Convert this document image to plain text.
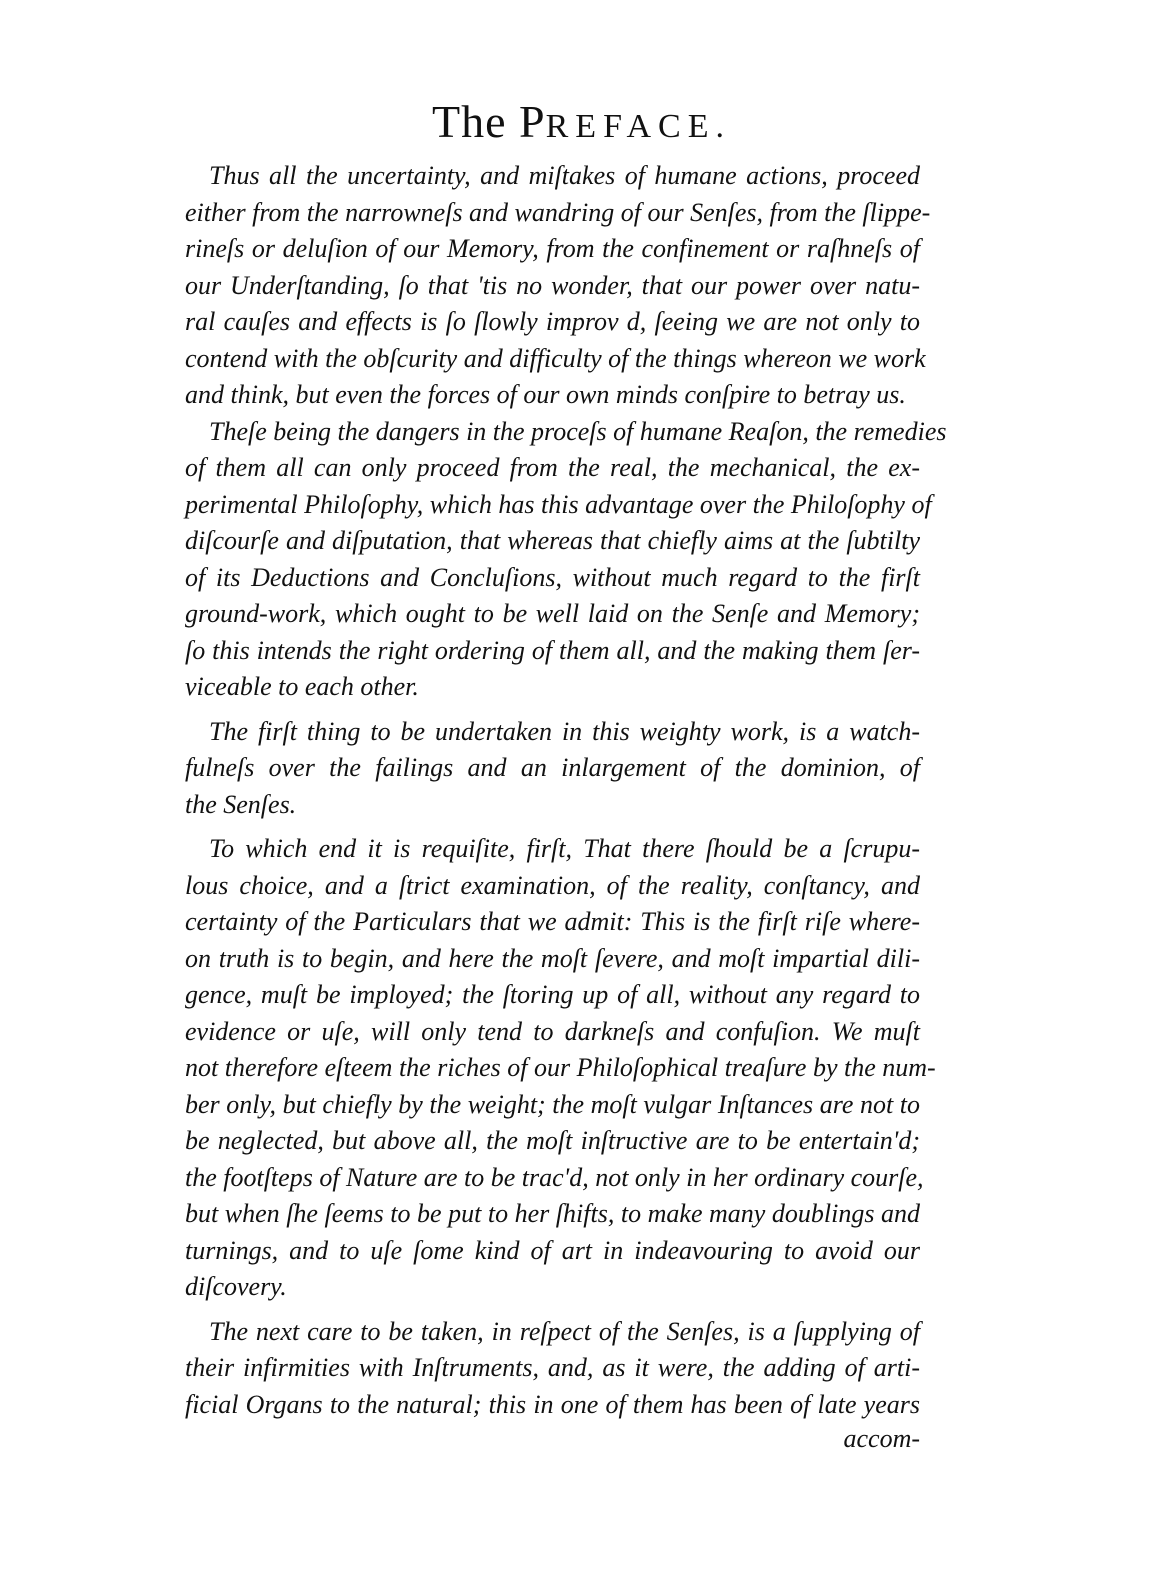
The PREFACE.
Thus all the uncertainty, and miſtakes of humane actions, proceed
either from the narrowneſs and wandring of our Senſes, from the ſlippe-
rineſs or deluſion of our Memory, from the confinement or raſhneſs of
our Underſtanding, ſo that 'tis no wonder, that our power over natu-
ral cauſes and effects is ſo ſlowly improv d, ſeeing we are not only to
contend with the obſcurity and difficulty of the things whereon we work
and think, but even the forces of our own minds conſpire to betray us.
Theſe being the dangers in the proceſs of humane Reaſon, the remedies
of them all can only proceed from the real, the mechanical, the ex-
perimental Philoſophy, which has this advantage over the Philoſophy of
diſcourſe and diſputation, that whereas that chiefly aims at the ſubtilty
of its Deductions and Concluſions, without much regard to the firſt
ground-work, which ought to be well laid on the Senſe and Memory;
ſo this intends the right ordering of them all, and the making them ſer-
viceable to each other.
The firſt thing to be undertaken in this weighty work, is a watch-
fulneſs over the failings and an inlargement of the dominion, of
the Senſes.
To which end it is requiſite, firſt, That there ſhould be a ſcrupu-
lous choice, and a ſtrict examination, of the reality, conſtancy, and
certainty of the Particulars that we admit: This is the firſt riſe where-
on truth is to begin, and here the moſt ſevere, and moſt impartial dili-
gence, muſt be imployed; the ſtoring up of all, without any regard to
evidence or uſe, will only tend to darkneſs and confuſion. We muſt
not therefore eſteem the riches of our Philoſophical treaſure by the num-
ber only, but chiefly by the weight; the moſt vulgar Inſtances are not to
be neglected, but above all, the moſt inſtructive are to be entertain'd;
the footſteps of Nature are to be trac'd, not only in her ordinary courſe,
but when ſhe ſeems to be put to her ſhifts, to make many doublings and
turnings, and to uſe ſome kind of art in indeavouring to avoid our
diſcovery.
The next care to be taken, in reſpect of the Senſes, is a ſupplying of
their infirmities with Inſtruments, and, as it were, the adding of arti-
ficial Organs to the natural; this in one of them has been of late years
accom-
